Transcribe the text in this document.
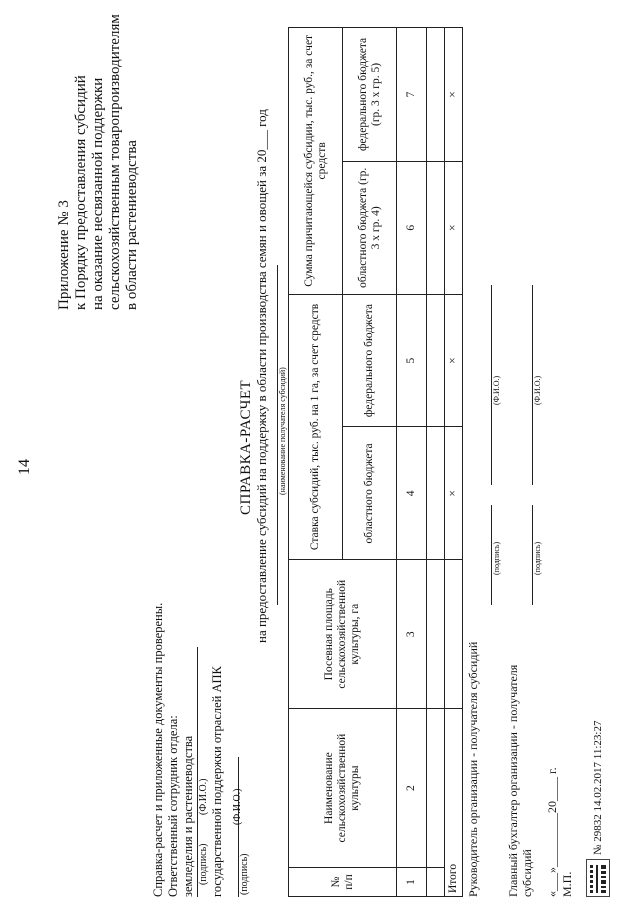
14
Приложение № 3 к Порядку предоставления субсидий на оказание несвязанной поддержки сельскохозяйственным товаропроизводителям в области растениеводства
Справка-расчет и приложенные документы проверены. Ответственный сотрудник отдела: земледелия и растениеводства (подпись)
(Ф.И.О.) государственной поддержки отраслей АПК (подпись)
(Ф.И.О.)
СПРАВКА-РАСЧЕТ на предоставление субсидий на поддержку в области производства семян и овощей за 20___ год (наименование получателя субсидий)
№ п/п	Наименование сельскохозяйственной культуры	Посевная площадь сельскохозяйственной культуры, га	Ставка субсидий, тыс. руб. на 1 га, за счет средств		Сумма причитающейся субсидии, тыс. руб., за счет средств	
			областного бюджета	федерального бюджета	областного бюджета (гр. 3 х гр. 4)	федерального бюджета (гр. 3 х гр. 5)
1	2	3	4	5	6	7

Итого			×	×	×	×
Руководитель организации - получателя субсидий
(подпись)
(Ф.И.О.)
Главный бухгалтер организации - получателя субсидий
(подпись)
(Ф.И.О.)
«___»_________20____ г. М.П.
№ 29832 14.02.2017 11:23:27
